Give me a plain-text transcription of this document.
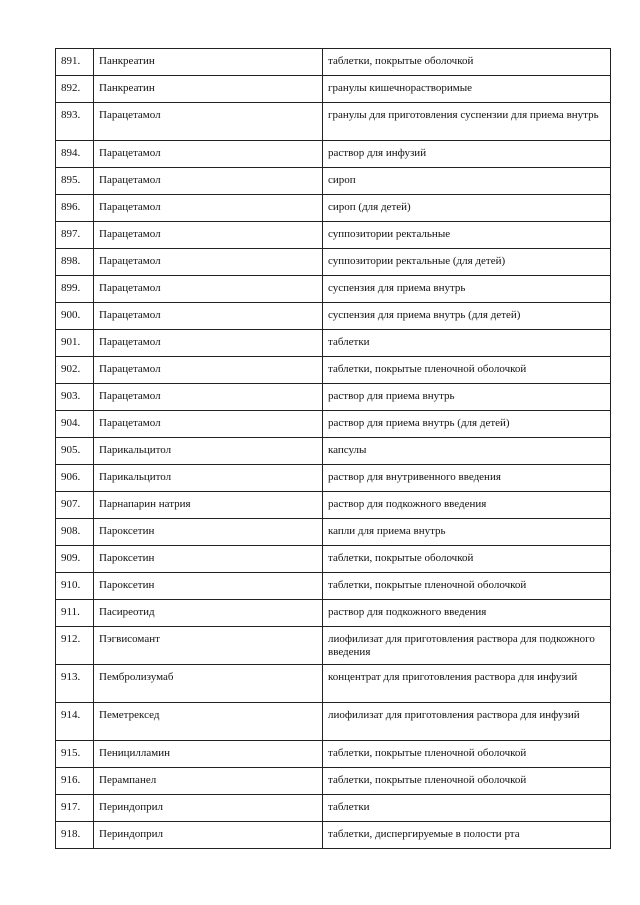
891.	Панкреатин	таблетки, покрытые оболочкой
892.	Панкреатин	гранулы кишечнорастворимые
893.	Парацетамол	гранулы для приготовления суспензии для приема внутрь
894.	Парацетамол	раствор для инфузий
895.	Парацетамол	сироп
896.	Парацетамол	сироп (для детей)
897.	Парацетамол	суппозитории ректальные
898.	Парацетамол	суппозитории ректальные (для детей)
899.	Парацетамол	суспензия для приема внутрь
900.	Парацетамол	суспензия для приема внутрь (для детей)
901.	Парацетамол	таблетки
902.	Парацетамол	таблетки, покрытые пленочной оболочкой
903.	Парацетамол	раствор для приема внутрь
904.	Парацетамол	раствор для приема внутрь (для детей)
905.	Парикальцитол	капсулы
906.	Парикальцитол	раствор для внутривенного введения
907.	Парнапарин натрия	раствор для подкожного введения
908.	Пароксетин	капли для приема внутрь
909.	Пароксетин	таблетки, покрытые оболочкой
910.	Пароксетин	таблетки, покрытые пленочной оболочкой
911.	Пасиреотид	раствор для подкожного введения
912.	Пэгвисомант	лиофилизат для приготовления раствора для подкожного введения
913.	Пембролизумаб	концентрат для приготовления раствора для инфузий
914.	Пеметрексед	лиофилизат для приготовления раствора для инфузий
915.	Пеницилламин	таблетки, покрытые пленочной оболочкой
916.	Перампанел	таблетки, покрытые пленочной оболочкой
917.	Периндоприл	таблетки
918.	Периндоприл	таблетки, диспергируемые в полости рта
